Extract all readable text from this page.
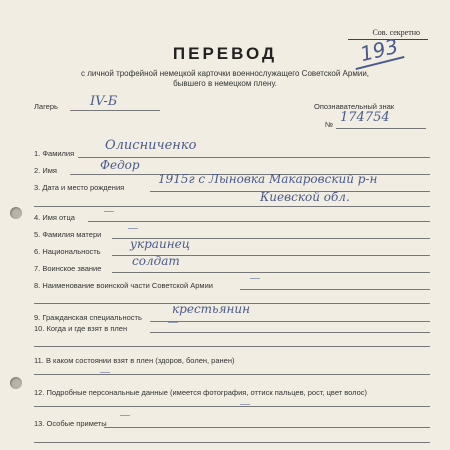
Сов. секретно
193
ПЕРЕВОД
с личной трофейной немецкой карточки военнослужащего Советской Армии, бывшего в немецком плену.
Лагерь IV-Б	Опознавательный знак
№ 174754
1. Фамилия
Олисниченко
2. Имя	Федор
3. Дата и место рождения
1915г с Лыновка Макаровский р-н
Киевской обл.
4. Имя отца
—
5. Фамилия матери
—
6. Национальность
украинец
7. Воинское звание
солдат
8. Наименование воинской части Советской Армии
—
9. Гражданская специальность
крестьянин
10. Когда и где взят в плен
—
11. В каком состоянии взят в плен (здоров, болен, ранен)
—
12. Подробные персональные данные (имеется фотография, оттиск пальцев, рост, цвет волос)
—
13. Особые приметы
—
